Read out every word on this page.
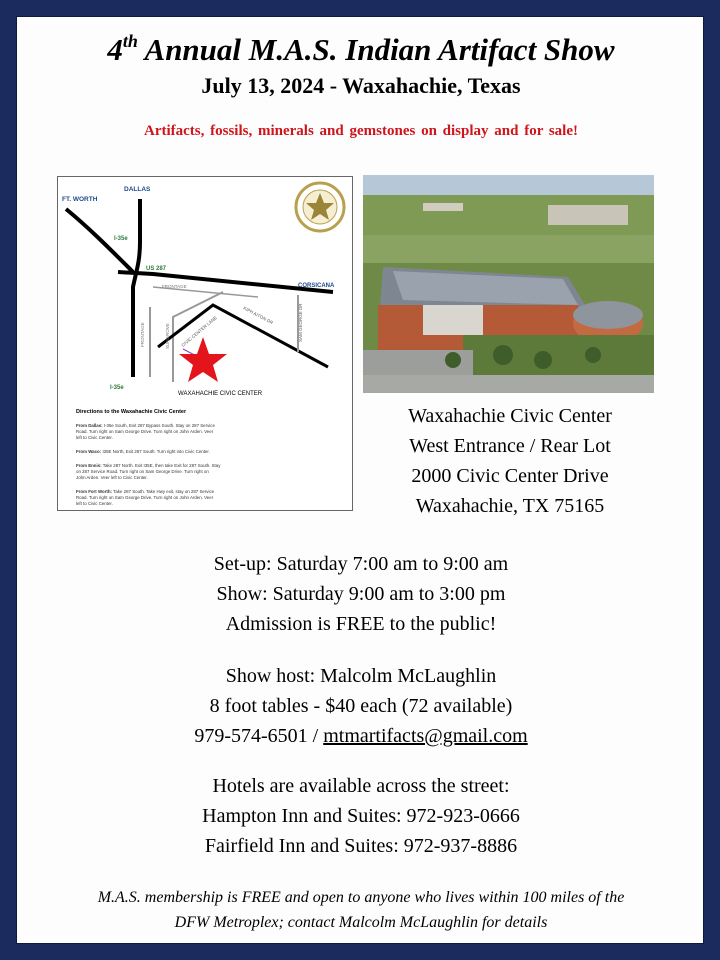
4th Annual M.A.S. Indian Artifact Show
July 13, 2024 - Waxahachie, Texas
Artifacts, fossils, minerals and gemstones on display and for sale!
FT. WORTH
DALLAS
I-35e
US 287
CORSICANA
FRONTAGE
I-35e
FRONTAGE	SUNGROVE CIVIC CENTER LANE	KIPH AITON DR	SAM GEORGE DR
WAXAHACHIE CIVIC CENTER
Directions to the Waxahachie Civic Center
From Dallas: I-35e South, Exit 287 Bypass South. Stay on 287 Service
Road. Turn right on Sam George Drive. Turn right on John Arden. Veer
left to Civic Center.
From Waco: I35E North, Exit 287 South. Turn right into Civic Center.
From Ennis: Take 287 North. Exit I35E, then take Exit for 287 South. Stay
on 287 Service Road. Turn right on Sam George Drive. Turn right on
John Arden. Veer left to Civic Center.
From Fort Worth: Take 287 South. Take Hwy exit, stay on 287 Service
Road. Turn right on Sam George Drive. Turn right on John Arden. Veer
left to Civic Center.
Waxahachie Civic Center
West Entrance / Rear Lot
2000 Civic Center Drive
Waxahachie, TX 75165
Set-up: Saturday 7:00 am to 9:00 am
Show: Saturday 9:00 am to 3:00 pm
Admission is FREE to the public!
Show host: Malcolm McLaughlin
8 foot tables - $40 each (72 available)
979-574-6501 / mtmartifacts@gmail.com
Hotels are available across the street:
Hampton Inn and Suites: 972-923-0666
Fairfield Inn and Suites: 972-937-8886
M.A.S. membership is FREE and open to anyone who lives within 100 miles of the
DFW Metroplex; contact Malcolm McLaughlin for details
